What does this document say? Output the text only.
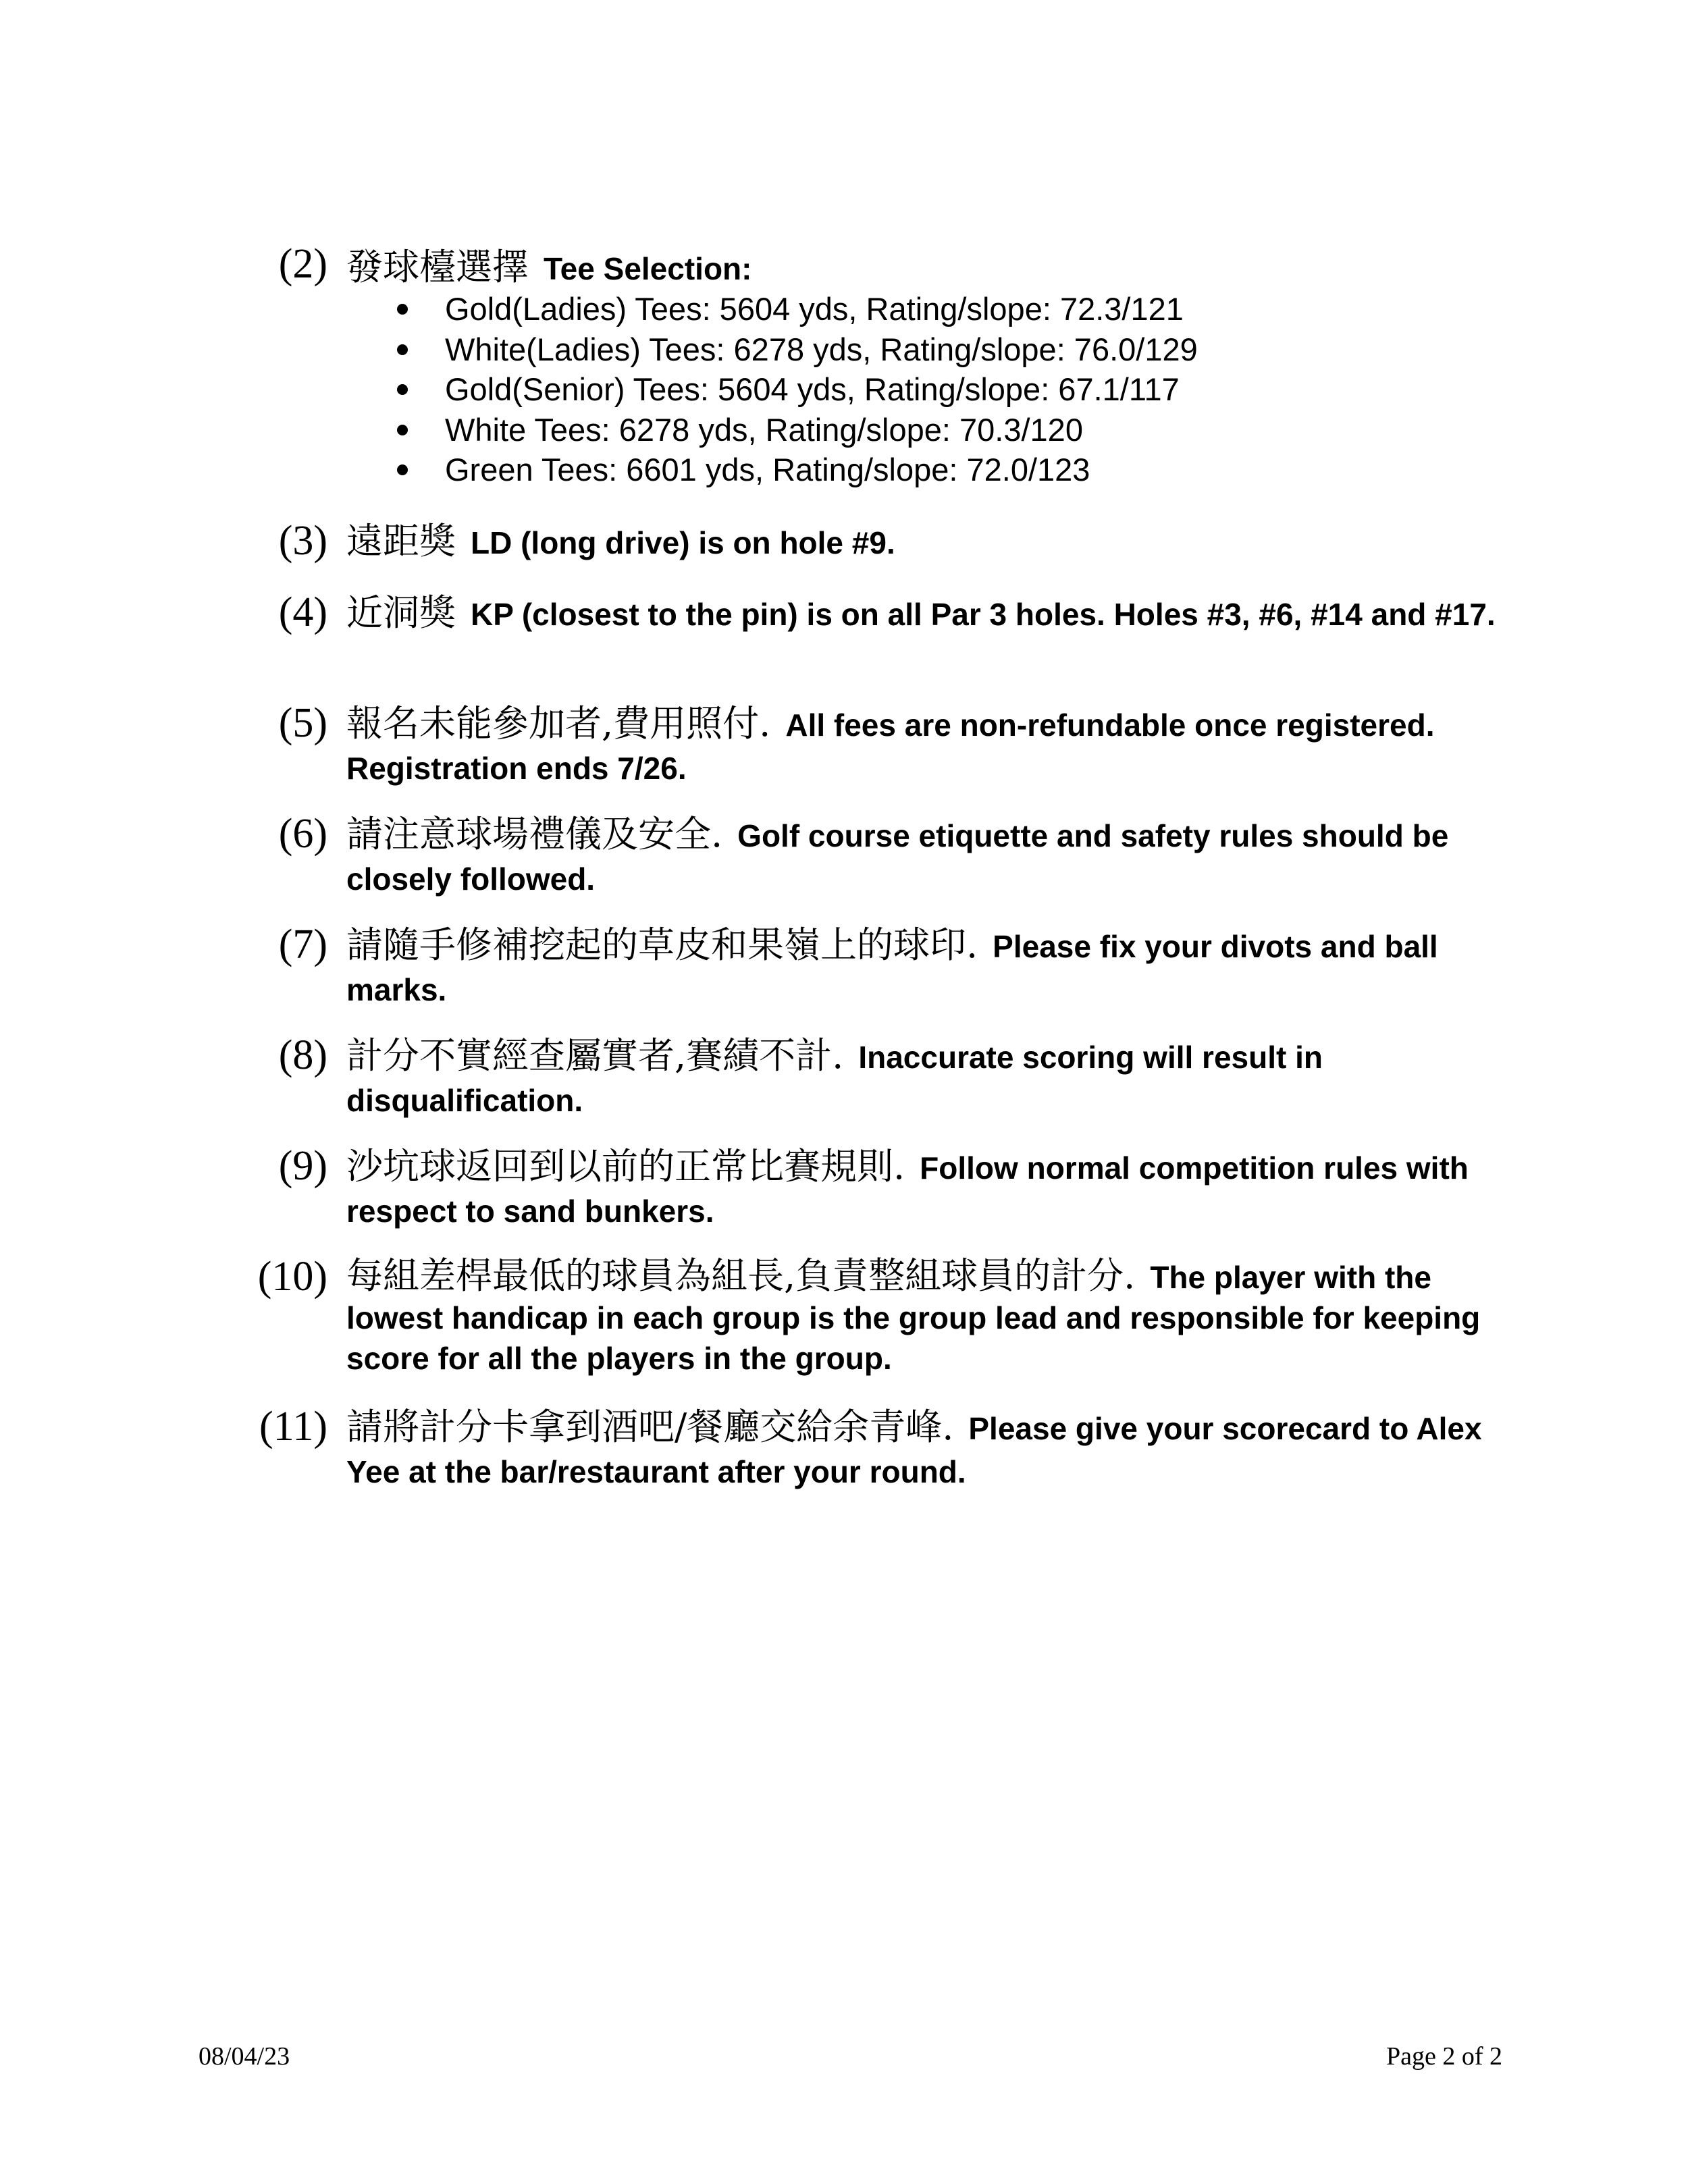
(2) 發球檯選擇 Tee Selection:
Gold(Ladies) Tees: 5604 yds, Rating/slope: 72.3/121
White(Ladies) Tees: 6278 yds, Rating/slope: 76.0/129
Gold(Senior) Tees: 5604 yds, Rating/slope: 67.1/117
White Tees: 6278 yds, Rating/slope: 70.3/120
Green Tees: 6601 yds, Rating/slope: 72.0/123
(3) 遠距獎 LD (long drive) is on hole #9.
(4) 近洞獎 KP (closest to the pin) is on all Par 3 holes. Holes #3, #6, #14 and #17.
(5) 報名未能參加者,費用照付. All fees are non-refundable once registered. Registration ends 7/26.
(6) 請注意球場禮儀及安全. Golf course etiquette and safety rules should be closely followed.
(7) 請隨手修補挖起的草皮和果嶺上的球印. Please fix your divots and ball marks.
(8) 計分不實經查屬實者,賽績不計. Inaccurate scoring will result in disqualification.
(9) 沙坑球返回到以前的正常比賽規則. Follow normal competition rules with respect to sand bunkers.
(10) 每組差桿最低的球員為組長,負責整組球員的計分. The player with the lowest handicap in each group is the group lead and responsible for keeping score for all the players in the group.
(11) 請將計分卡拿到酒吧/餐廳交給余青峰. Please give your scorecard to Alex Yee at the bar/restaurant after your round.
08/04/23	Page 2 of 2
